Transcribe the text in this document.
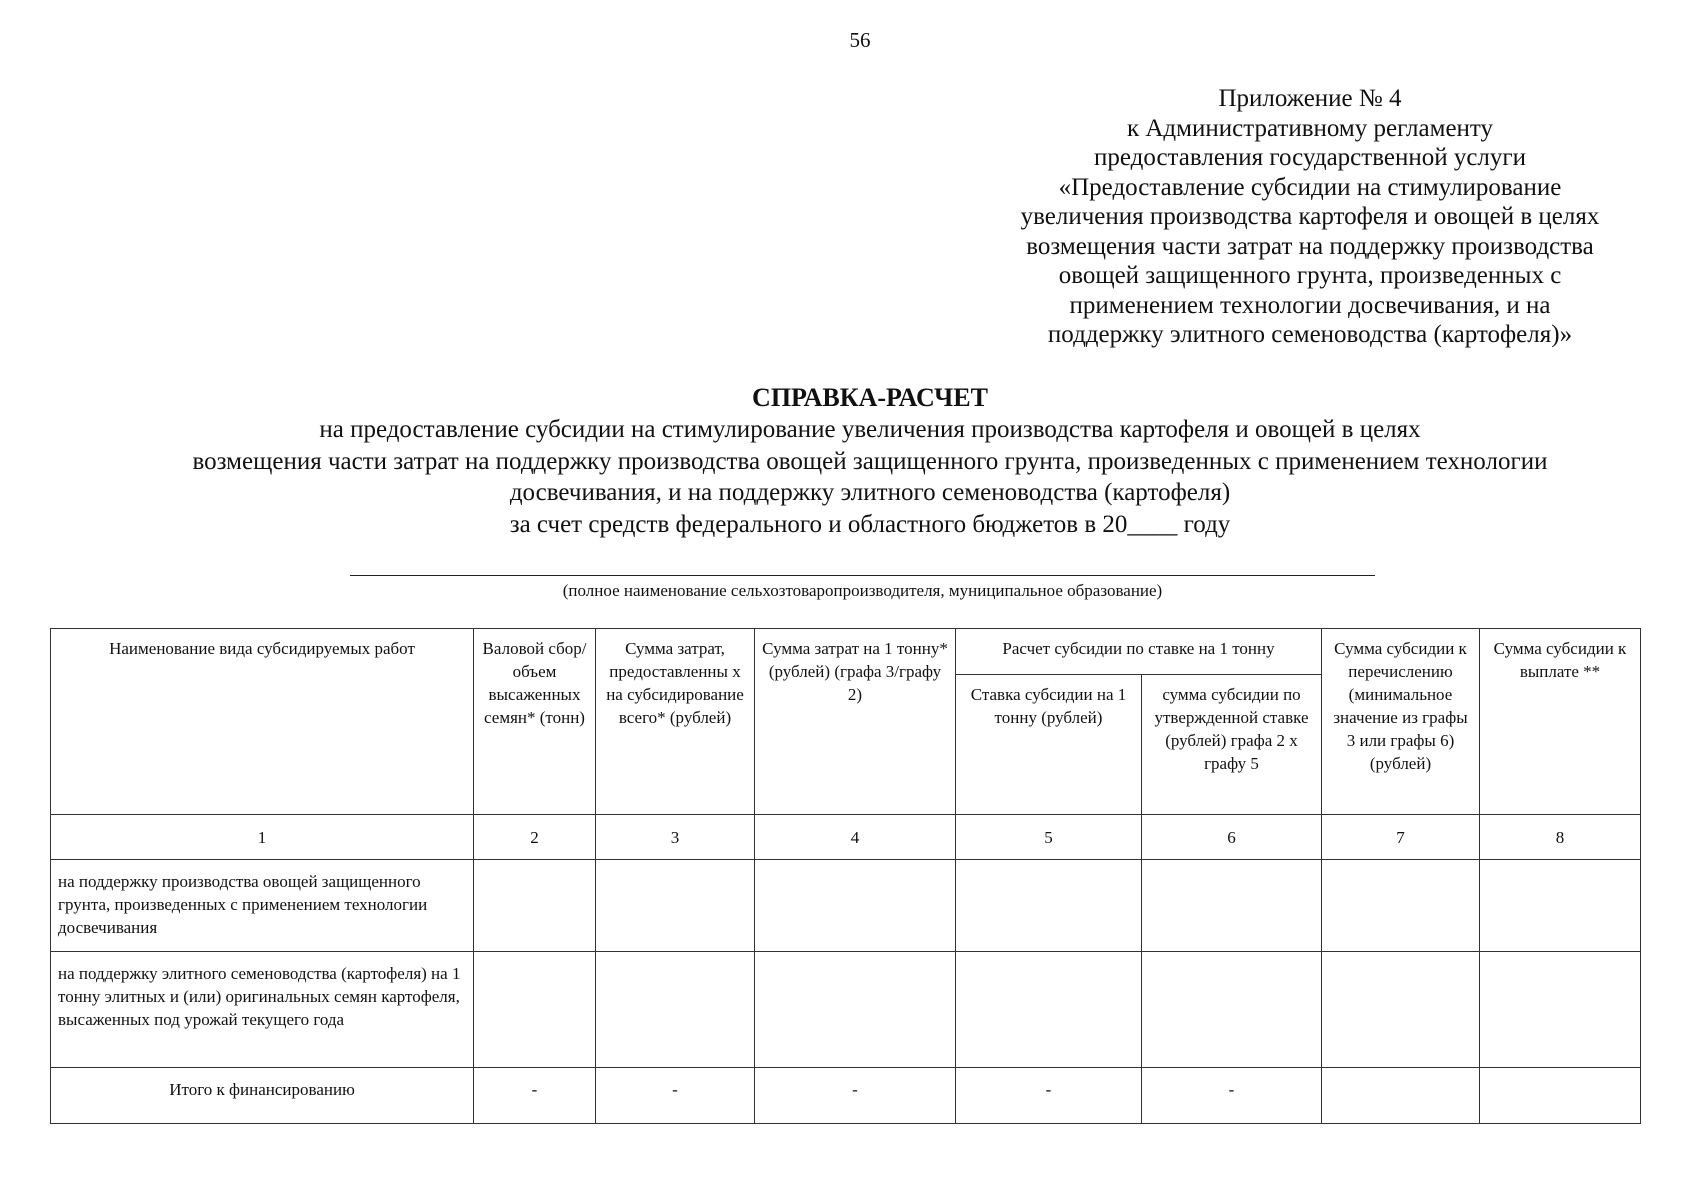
56
Приложение № 4
к Административному регламенту
предоставления государственной услуги
«Предоставление субсидии на стимулирование
увеличения производства картофеля и овощей в целях
возмещения части затрат на поддержку производства
овощей защищенного грунта, произведенных с
применением технологии досвечивания, и на
поддержку элитного семеноводства (картофеля)»
СПРАВКА-РАСЧЕТ
на предоставление субсидии на стимулирование увеличения производства картофеля и овощей в целях
возмещения части затрат на поддержку производства овощей защищенного грунта, произведенных с применением технологии
досвечивания, и на поддержку элитного семеноводства (картофеля)
за счет средств федерального и областного бюджетов в 20____ году
(полное наименование сельхозтоваропроизводителя, муниципальное образование)
Наименование вида субсидируемых работ	Валовой сбор/объем высаженных семян* (тонн)	Сумма затрат, предоставленны х на субсидирование всего* (рублей)	Сумма затрат на 1 тонну* (рублей) (графа 3/графу 2)	Расчет субсидии по ставке на 1 тонну		Сумма субсидии к перечислению (минимальное значение из графы 3 или графы 6) (рублей)	Сумма субсидии к выплате **
				Ставка субсидии на 1 тонну (рублей)	сумма субсидии по утвержденной ставке (рублей) графа 2 х графу 5		
1	2	3	4	5	6	7	8
на поддержку производства овощей защищенного грунта, произведенных с применением технологии досвечивания							
на поддержку элитного семеноводства (картофеля) на 1 тонну элитных и (или) оригинальных семян картофеля, высаженных под урожай текущего года							
Итого к финансированию	-	-	-	-	-		
